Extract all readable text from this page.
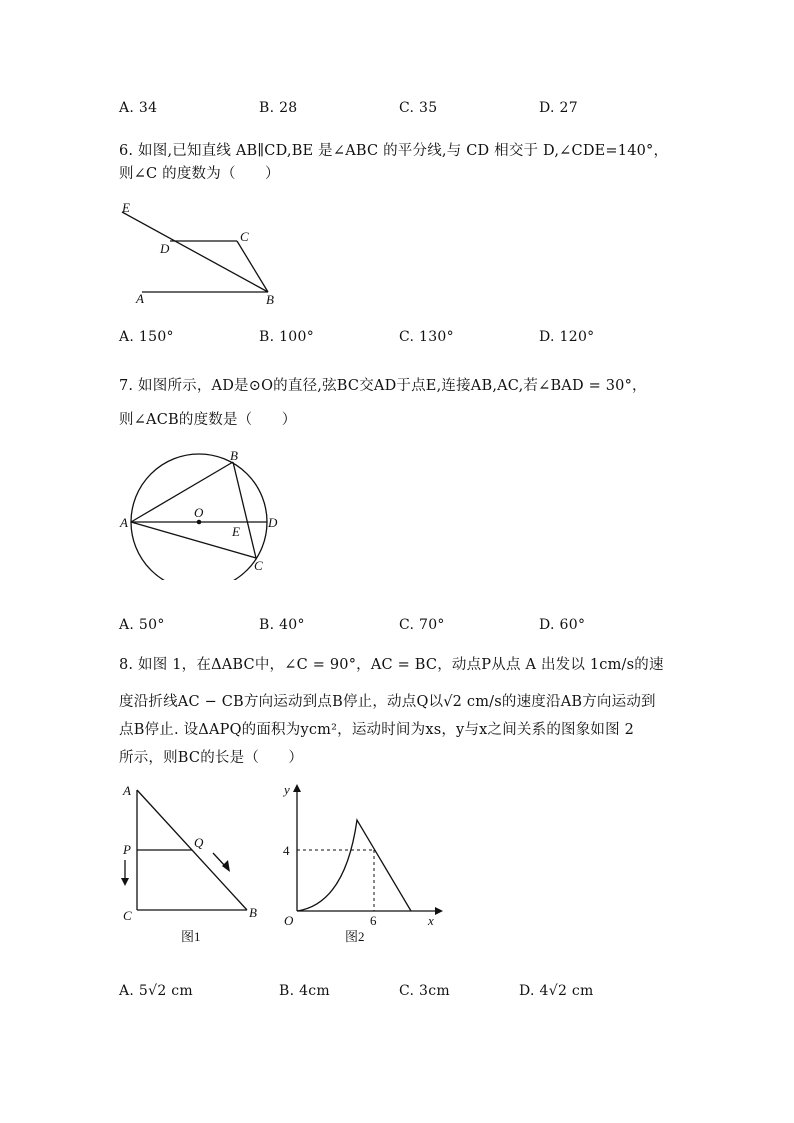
A. 34	B. 28	C. 35	D. 27
6. 如图,已知直线 AB∥CD,BE 是∠ABC 的平分线,与 CD 相交于 D,∠CDE=140°，
则∠C 的度数为（　　）
E
D
C
A	B
A. 150°	B. 100°	C. 130°	D. 120°
7. 如图所示，AD是⊙O的直径,弦BC交AD于点E,连接AB,AC,若∠BAD = 30°，
则∠ACB的度数是（　　）
A
B
C
D
O
E
A. 50°	B. 40°	C. 70°	D. 60°
8. 如图 1，在ΔABC中，∠C = 90°，AC = BC，动点P从点 A 出发以 1cm/s的速
度沿折线AC − CB方向运动到点B停止，动点Q以√2 cm/s的速度沿AB方向运动到
点B停止. 设ΔAPQ的面积为ycm²，运动时间为xs，y与x之间关系的图象如图 2
所示，则BC的长是（　　）
A
P	Q
C	B
图1
y
x
O
4
6
图2
A. 5√2 cm	B. 4cm	C. 3cm	D. 4√2 cm
